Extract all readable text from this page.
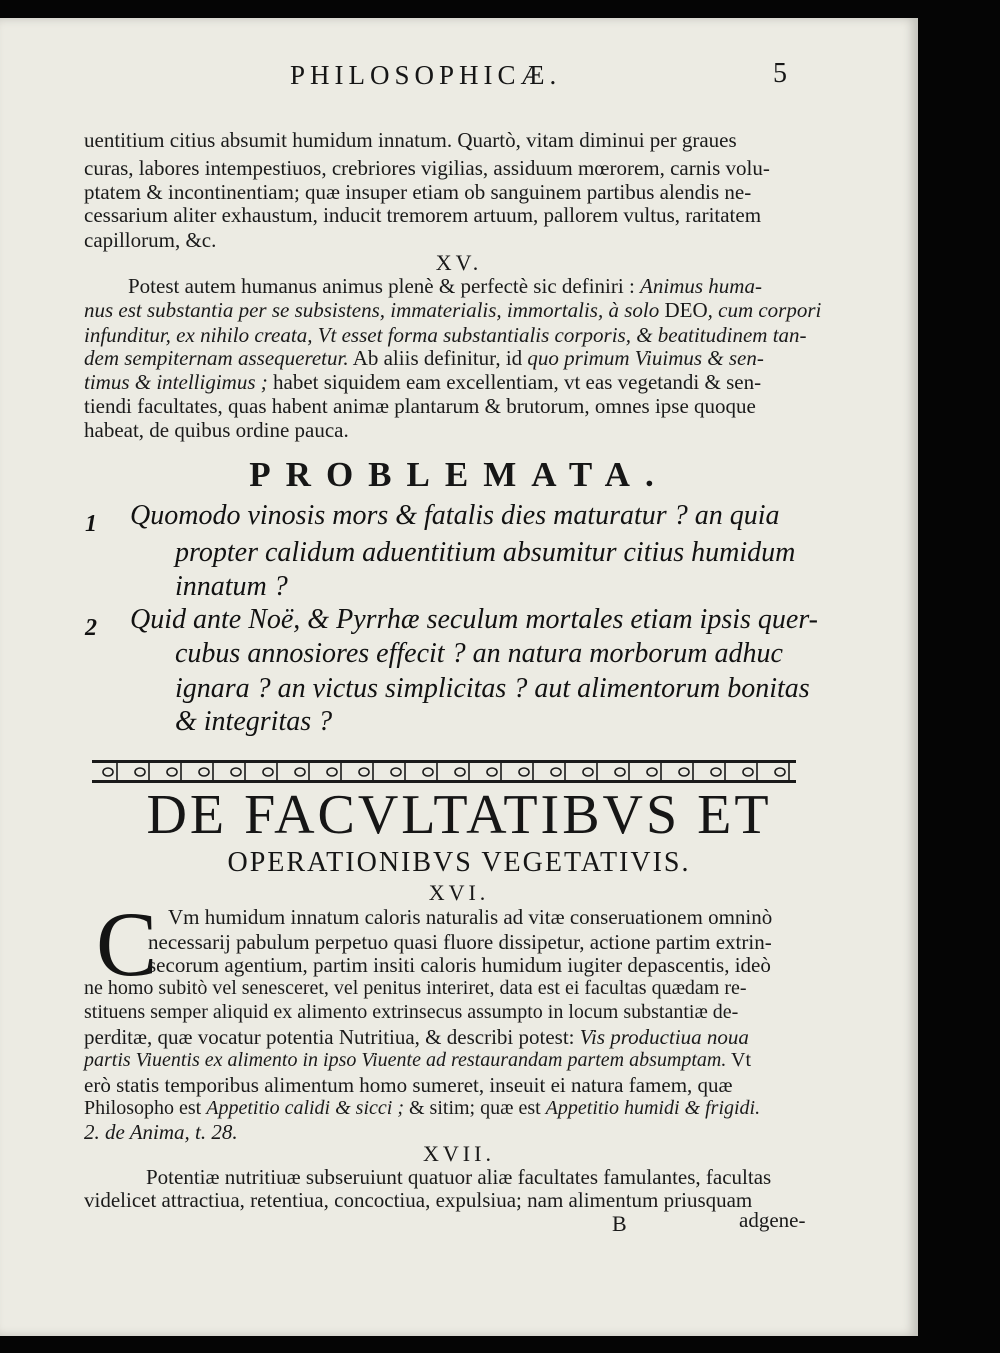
PHILOSOPHICÆ.	5
uentitium citius absumit humidum innatum. Quartò, vitam diminui per graues
curas, labores intempestiuos, crebriores vigilias, assiduum mœrorem, carnis volu-
ptatem & incontinentiam; quæ insuper etiam ob sanguinem partibus alendis ne-
cessarium aliter exhaustum, inducit tremorem artuum, pallorem vultus, raritatem
capillorum, &c.
XV.
Potest autem humanus animus plenè & perfectè sic definiri : Animus huma-
nus est substantia per se subsistens, immaterialis, immortalis, à solo DEO, cum corpori
infunditur, ex nihilo creata, Vt esset forma substantialis corporis, & beatitudinem tan-
dem sempiternam assequeretur. Ab aliis definitur, id quo primum Viuimus & sen-
timus & intelligimus ; habet siquidem eam excellentiam, vt eas vegetandi & sen-
tiendi facultates, quas habent animæ plantarum & brutorum, omnes ipse quoque
habeat, de quibus ordine pauca.
PROBLEMATA.
1 Quomodo vinosis mors & fatalis dies maturatur ? an quia
propter calidum aduentitium absumitur citius humidum
innatum ?
2 Quid ante Noë, & Pyrrhæ seculum mortales etiam ipsis quer-
cubus annosiores effecit ? an natura morborum adhuc
ignara ? an victus simplicitas ? aut alimentorum bonitas
& integritas ?
DE FACVLTATIBVS ET
OPERATIONIBVS VEGETATIVIS.
XVI.
C Vm humidum innatum caloris naturalis ad vitæ conseruationem omninò
necessarij pabulum perpetuo quasi fluore dissipetur, actione partim extrin-
secorum agentium, partim insiti caloris humidum iugiter depascentis, ideò
ne homo subitò vel senesceret, vel penitus interiret, data est ei facultas quædam re-
stituens semper aliquid ex alimento extrinsecus assumpto in locum substantiæ de-
perditæ, quæ vocatur potentia Nutritiua, & describi potest: Vis productiua noua
partis Viuentis ex alimento in ipso Viuente ad restaurandam partem absumptam. Vt
erò statis temporibus alimentum homo sumeret, inseuit ei natura famem, quæ
Philosopho est Appetitio calidi & sicci ; & sitim; quæ est Appetitio humidi & frigidi.
2. de Anima, t. 28.
XVII.
Potentiæ nutritiuæ subseruiunt quatuor aliæ facultates famulantes, facultas
videlicet attractiua, retentiua, concoctiua, expulsiua; nam alimentum priusquam
B	adgene-
